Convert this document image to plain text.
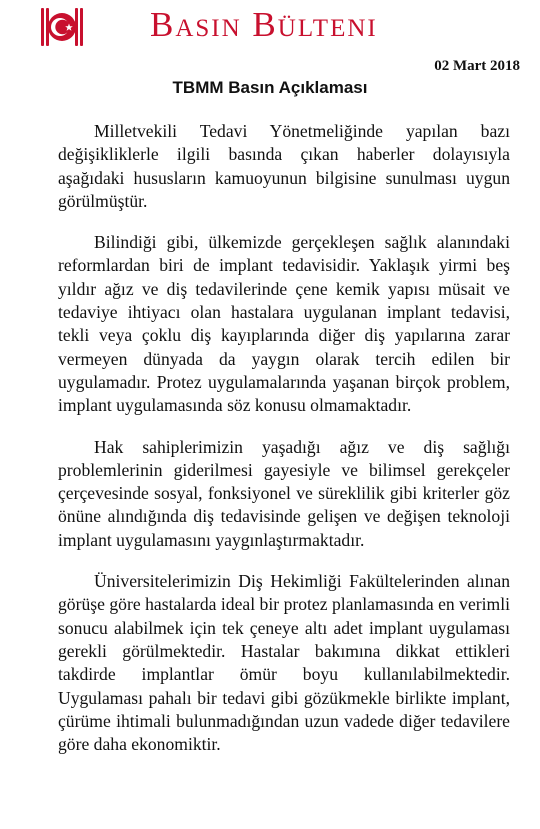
Basın Bülteni
02 Mart 2018
TBMM Basın Açıklaması

Milletvekili Tedavi Yönetmeliğinde yapılan bazı değişikliklerle ilgili basında çıkan haberler dolayısıyla aşağıdaki hususların kamuoyunun bilgisine sunulması uygun görülmüştür.

Bilindiği gibi, ülkemizde gerçekleşen sağlık alanındaki reformlardan biri de implant tedavisidir. Yaklaşık yirmi beş yıldır ağız ve diş tedavilerinde çene kemik yapısı müsait ve tedaviye ihtiyacı olan hastalara uygulanan implant tedavisi, tekli veya çoklu diş kayıplarında diğer diş yapılarına zarar vermeyen dünyada da yaygın olarak tercih edilen bir uygulamadır. Protez uygulamalarında yaşanan birçok problem, implant uygulamasında söz konusu olmamaktadır.

Hak sahiplerimizin yaşadığı ağız ve diş sağlığı problemlerinin giderilmesi gayesiyle ve bilimsel gerekçeler çerçevesinde sosyal, fonksiyonel ve süreklilik gibi kriterler göz önüne alındığında diş tedavisinde gelişen ve değişen teknoloji implant uygulamasını yaygınlaştırmaktadır.

Üniversitelerimizin Diş Hekimliği Fakültelerinden alınan görüşe göre hastalarda ideal bir protez planlamasında en verimli sonucu alabilmek için tek çeneye altı adet implant uygulaması gerekli görülmektedir. Hastalar bakımına dikkat ettikleri takdirde implantlar ömür boyu kullanılabilmektedir. Uygulaması pahalı bir tedavi gibi gözükmekle birlikte implant, çürüme ihtimali bulunmadığından uzun vadede diğer tedavilere göre daha ekonomiktir.
